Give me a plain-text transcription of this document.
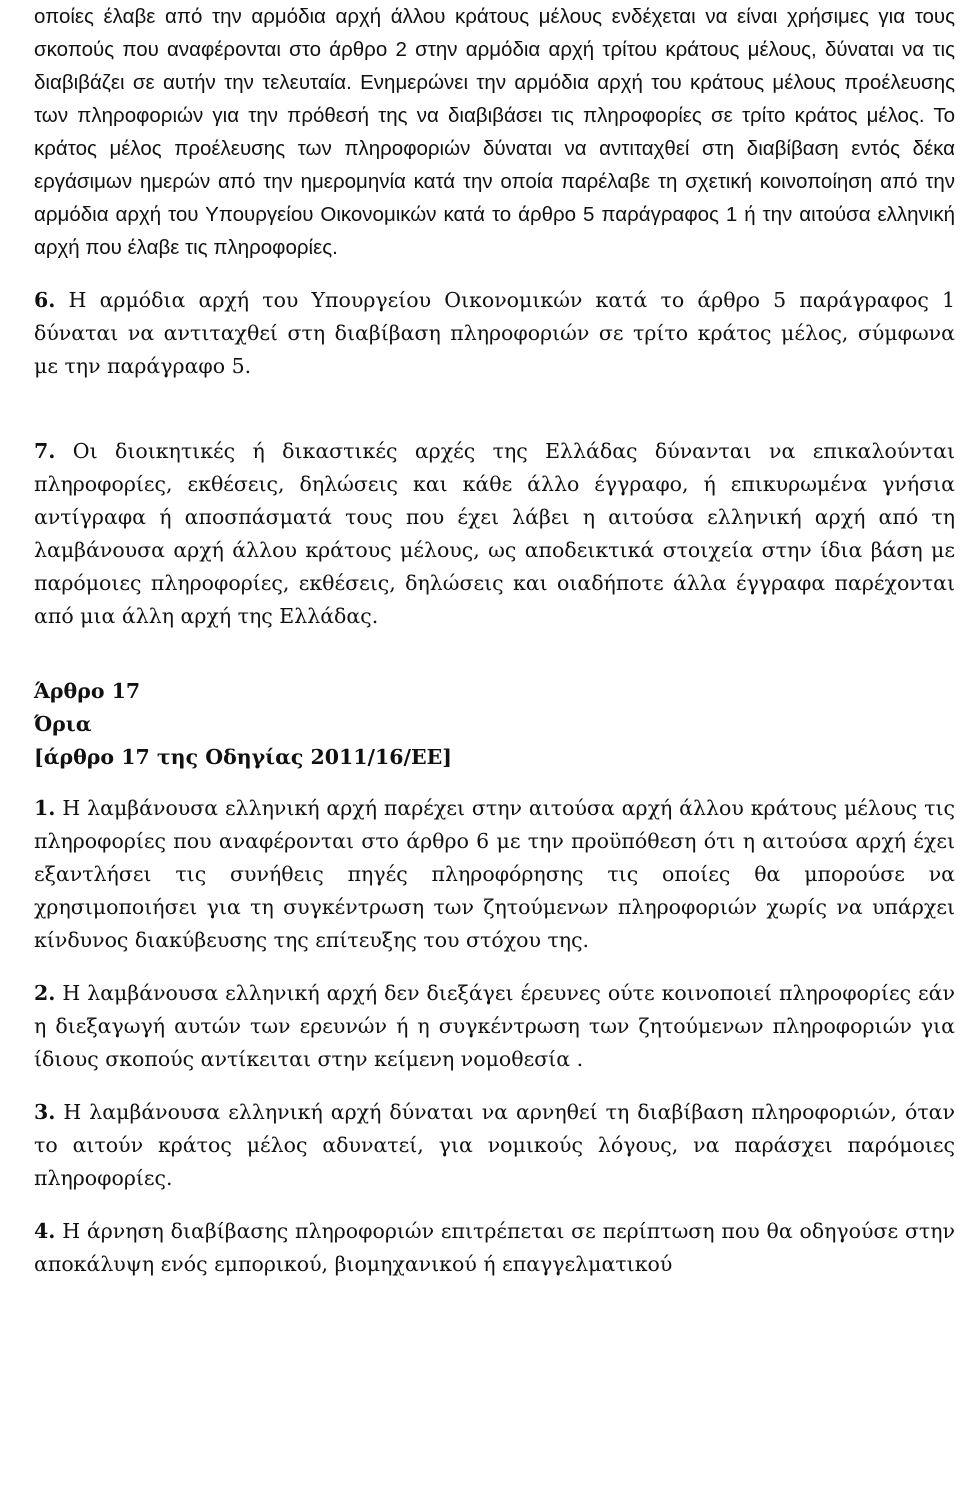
οποίες έλαβε από την αρμόδια αρχή άλλου κράτους μέλους ενδέχεται να είναι χρήσιμες για τους σκοπούς που αναφέρονται στο άρθρο 2 στην αρμόδια αρχή τρίτου κράτους μέλους, δύναται να τις διαβιβάζει σε αυτήν την τελευταία. Ενημερώνει την αρμόδια αρχή του κράτους μέλους προέλευσης των πληροφοριών για την πρόθεσή της να διαβιβάσει τις πληροφορίες σε τρίτο κράτος μέλος. Το κράτος μέλος προέλευσης των πληροφοριών δύναται να αντιταχθεί στη διαβίβαση εντός δέκα εργάσιμων ημερών από την ημερομηνία κατά την οποία παρέλαβε τη σχετική κοινοποίηση από την αρμόδια αρχή του Υπουργείου Οικονομικών κατά το άρθρο 5 παράγραφος 1 ή την αιτούσα ελληνική αρχή που έλαβε τις πληροφορίες.

6. Η αρμόδια αρχή του Υπουργείου Οικονομικών κατά το άρθρο 5 παράγραφος 1 δύναται να αντιταχθεί στη διαβίβαση πληροφοριών σε τρίτο κράτος μέλος, σύμφωνα με την παράγραφο 5.

7. Οι διοικητικές ή δικαστικές αρχές της Ελλάδας δύνανται να επικαλούνται πληροφορίες, εκθέσεις, δηλώσεις και κάθε άλλο έγγραφο, ή επικυρωμένα γνήσια αντίγραφα ή αποσπάσματά τους που έχει λάβει η αιτούσα ελληνική αρχή από τη λαμβάνουσα αρχή άλλου κράτους μέλους, ως αποδεικτικά στοιχεία στην ίδια βάση με παρόμοιες πληροφορίες, εκθέσεις, δηλώσεις και οιαδήποτε άλλα έγγραφα παρέχονται από μια άλλη αρχή της Ελλάδας.

Άρθρο 17

Όρια

[άρθρο 17 της Οδηγίας 2011/16/ΕΕ]

1. Η λαμβάνουσα ελληνική αρχή παρέχει στην αιτούσα αρχή άλλου κράτους μέλους τις πληροφορίες που αναφέρονται στο άρθρο 6 με την προϋπόθεση ότι η αιτούσα αρχή έχει εξαντλήσει τις συνήθεις πηγές πληροφόρησης τις οποίες θα μπορούσε να χρησιμοποιήσει για τη συγκέντρωση των ζητούμενων πληροφοριών χωρίς να υπάρχει κίνδυνος διακύβευσης της επίτευξης του στόχου της.

2. Η λαμβάνουσα ελληνική αρχή δεν διεξάγει έρευνες ούτε κοινοποιεί πληροφορίες εάν η διεξαγωγή αυτών των ερευνών ή η συγκέντρωση των ζητούμενων πληροφοριών για ίδιους σκοπούς αντίκειται στην κείμενη νομοθεσία .

3. Η λαμβάνουσα ελληνική αρχή δύναται να αρνηθεί τη διαβίβαση πληροφοριών, όταν το αιτούν κράτος μέλος αδυνατεί, για νομικούς λόγους, να παράσχει παρόμοιες πληροφορίες.

4. Η άρνηση διαβίβασης πληροφοριών επιτρέπεται σε περίπτωση που θα οδηγούσε στην αποκάλυψη ενός εμπορικού, βιομηχανικού ή επαγγελματικού
